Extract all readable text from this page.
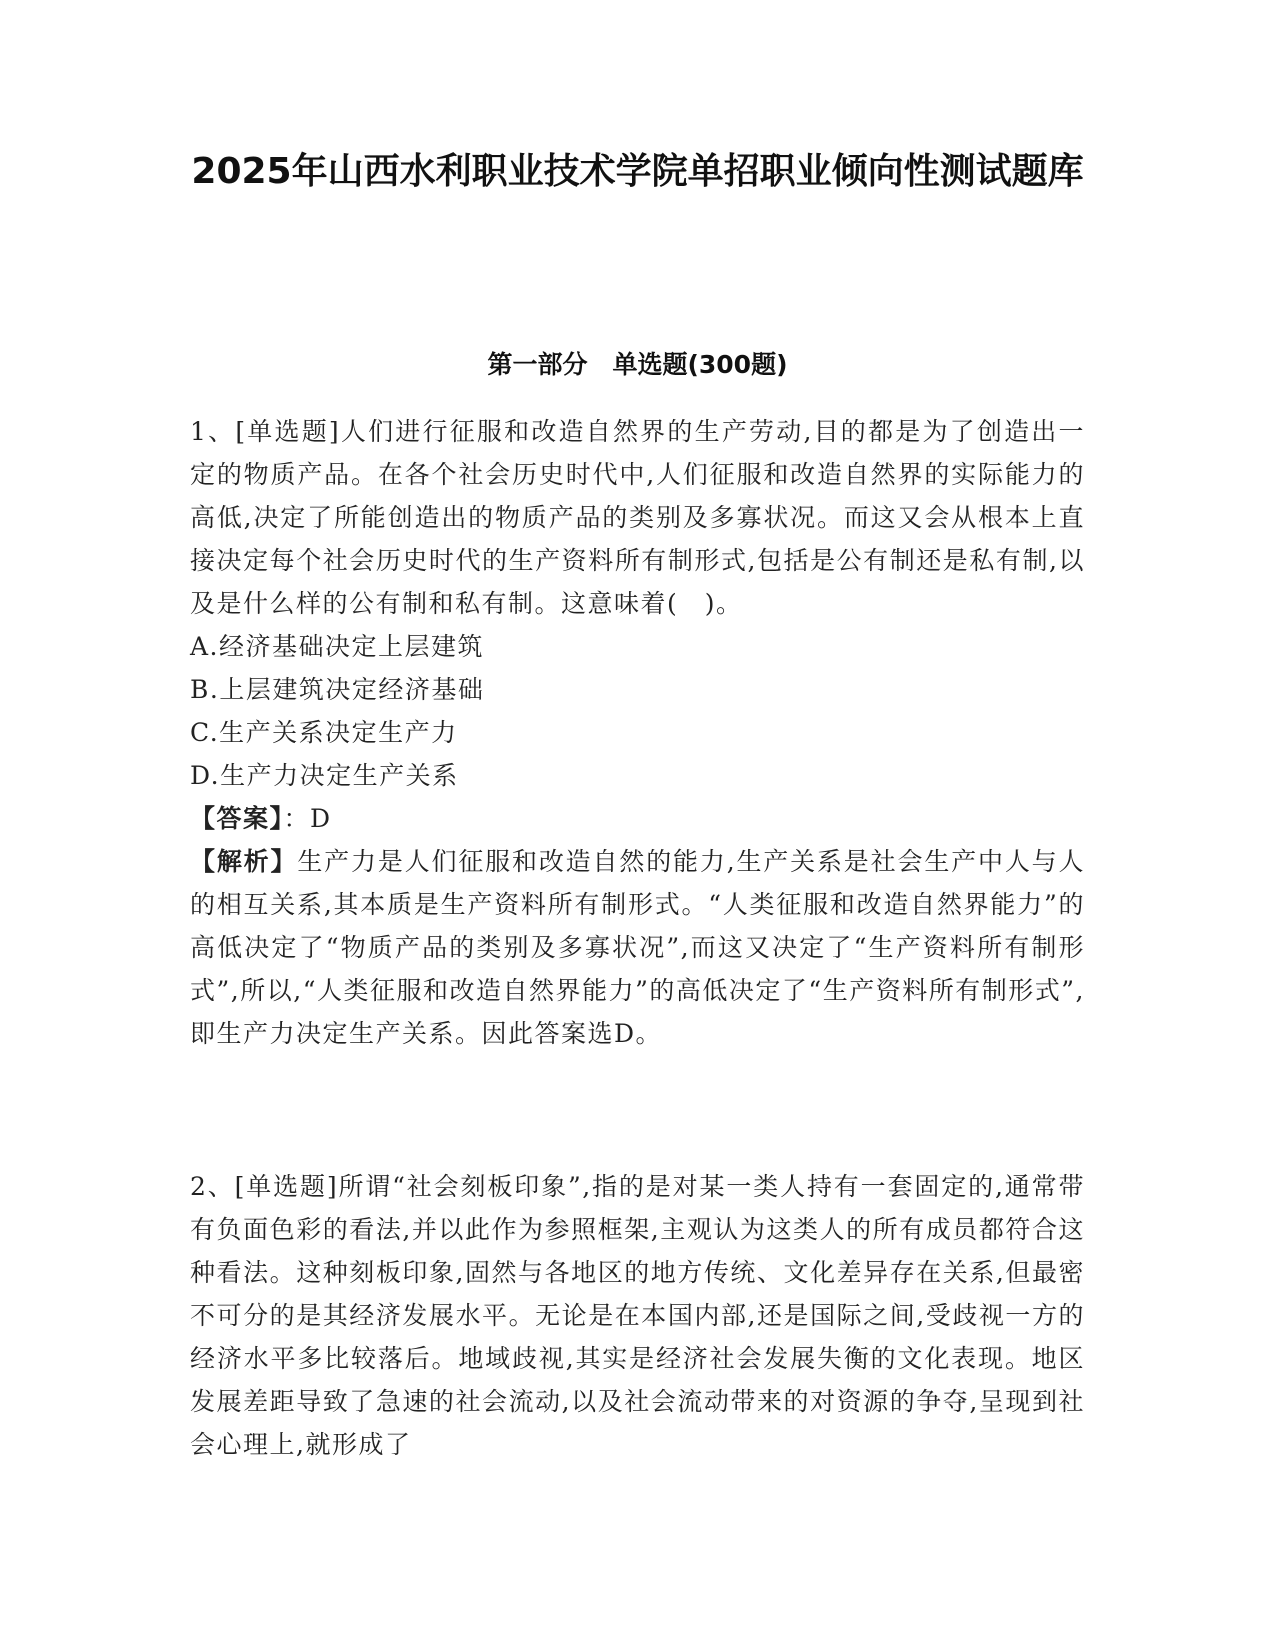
2025年山西水利职业技术学院单招职业倾向性测试题库
第一部分　单选题(300题)

1、[单选题]人们进行征服和改造自然界的生产劳动,目的都是为了创造出一定的物质产品。在各个社会历史时代中,人们征服和改造自然界的实际能力的高低,决定了所能创造出的物质产品的类别及多寡状况。而这又会从根本上直接决定每个社会历史时代的生产资料所有制形式,包括是公有制还是私有制,以及是什么样的公有制和私有制。这意味着(　)。

A.经济基础决定上层建筑

B.上层建筑决定经济基础

C.生产关系决定生产力

D.生产力决定生产关系

【答案】：D

【解析】生产力是人们征服和改造自然的能力,生产关系是社会生产中人与人的相互关系,其本质是生产资料所有制形式。“人类征服和改造自然界能力”的高低决定了“物质产品的类别及多寡状况”,而这又决定了“生产资料所有制形式”,所以,“人类征服和改造自然界能力”的高低决定了“生产资料所有制形式”,即生产力决定生产关系。因此答案选D。

2、[单选题]所谓“社会刻板印象”,指的是对某一类人持有一套固定的,通常带有负面色彩的看法,并以此作为参照框架,主观认为这类人的所有成员都符合这种看法。这种刻板印象,固然与各地区的地方传统、文化差异存在关系,但最密不可分的是其经济发展水平。无论是在本国内部,还是国际之间,受歧视一方的经济水平多比较落后。地域歧视,其实是经济社会发展失衡的文化表现。地区发展差距导致了急速的社会流动,以及社会流动带来的对资源的争夺,呈现到社会心理上,就形成了
